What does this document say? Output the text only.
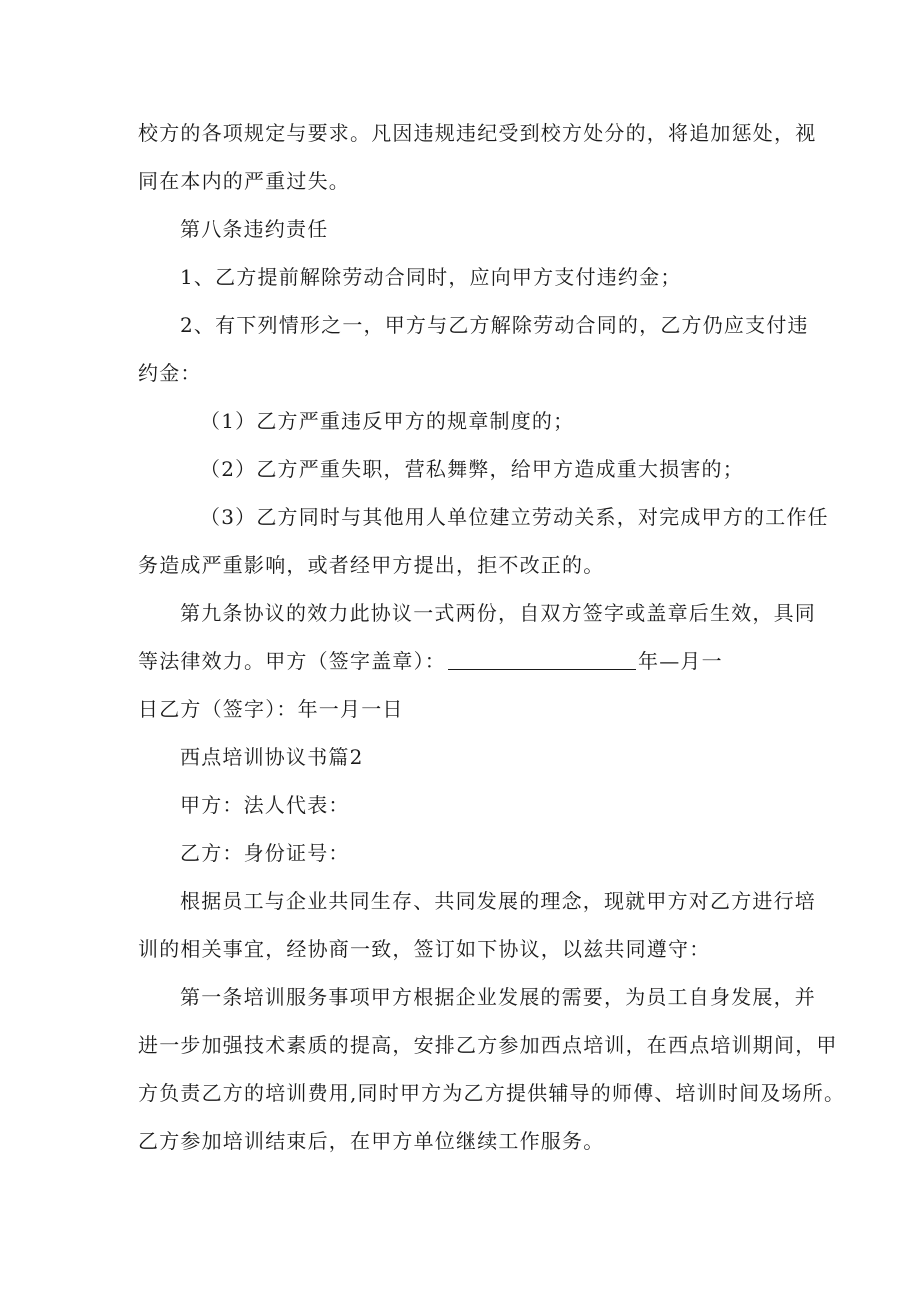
校方的各项规定与要求。凡因违规违纪受到校方处分的，将追加惩处，视
同在本内的严重过失。
第八条违约责任
1、乙方提前解除劳动合同时，应向甲方支付违约金；
2、有下列情形之一，甲方与乙方解除劳动合同的，乙方仍应支付违
约金：
（1）乙方严重违反甲方的规章制度的；
（2）乙方严重失职，营私舞弊，给甲方造成重大损害的；
（3）乙方同时与其他用人单位建立劳动关系，对完成甲方的工作任
务造成严重影响，或者经甲方提出，拒不改正的。
第九条协议的效力此协议一式两份，自双方签字或盖章后生效，具同
等法律效力。甲方（签字盖章）：	年—月一
日乙方（签字）：年一月一日
西点培训协议书篇2
甲方：法人代表：
乙方：身份证号：
根据员工与企业共同生存、共同发展的理念，现就甲方对乙方进行培
训的相关事宜，经协商一致，签订如下协议，以兹共同遵守：
第一条培训服务事项甲方根据企业发展的需要，为员工自身发展，并
进一步加强技术素质的提高，安排乙方参加西点培训，在西点培训期间，甲
方负责乙方的培训费用,同时甲方为乙方提供辅导的师傅、培训时间及场所。
乙方参加培训结束后，在甲方单位继续工作服务。
